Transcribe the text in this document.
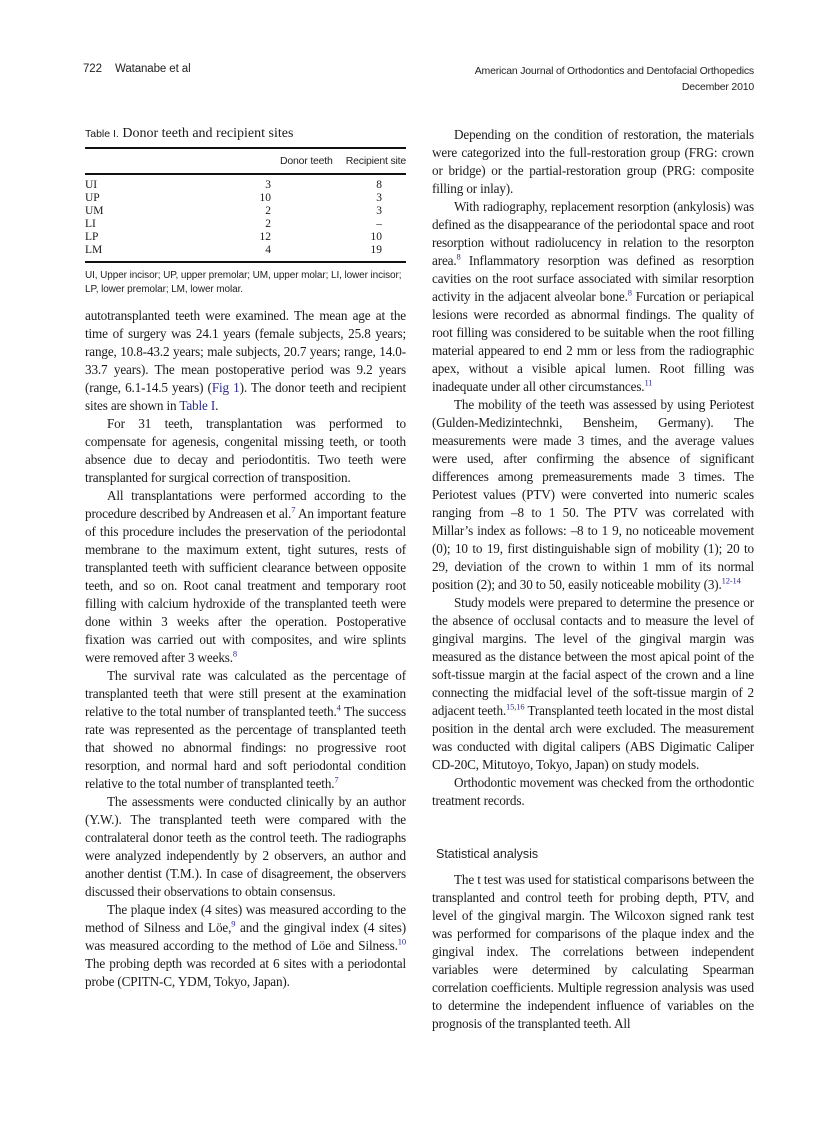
722 Watanabe et al	American Journal of Orthodontics and Dentofacial Orthopedics
December 2010
Table I. Donor teeth and recipient sites
	Donor teeth	Recipient site
UI	3	8
UP	10	3
UM	2	3
LI	2	–
LP	12	10
LM	4	19
UI, Upper incisor; UP, upper premolar; UM, upper molar; LI, lower incisor; LP, lower premolar; LM, lower molar.

autotransplanted teeth were examined. The mean age at the time of surgery was 24.1 years (female subjects, 25.8 years; range, 10.8-43.2 years; male subjects, 20.7 years; range, 14.0-33.7 years). The mean postoperative period was 9.2 years (range, 6.1-14.5 years) (Fig 1). The donor teeth and recipient sites are shown in Table I.

For 31 teeth, transplantation was performed to compensate for agenesis, congenital missing teeth, or tooth absence due to decay and periodontitis. Two teeth were transplanted for surgical correction of transposition.

All transplantations were performed according to the procedure described by Andreasen et al.$^7$ An important feature of this procedure includes the preservation of the periodontal membrane to the maximum extent, tight sutures, rests of transplanted teeth with sufficient clearance between opposite teeth, and so on. Root canal treatment and temporary root filling with calcium hydroxide of the transplanted teeth were done within 3 weeks after the operation. Postoperative fixation was carried out with composites, and wire splints were removed after 3 weeks.$^8$

The survival rate was calculated as the percentage of transplanted teeth that were still present at the examination relative to the total number of transplanted teeth.$^4$ The success rate was represented as the percentage of transplanted teeth that showed no abnormal findings: no progressive root resorption, and normal hard and soft periodontal condition relative to the total number of transplanted teeth.$^7$

The assessments were conducted clinically by an author (Y.W.). The transplanted teeth were compared with the contralateral donor teeth as the control teeth. The radiographs were analyzed independently by 2 observers, an author and another dentist (T.M.). In case of disagreement, the observers discussed their observations to obtain consensus.

The plaque index (4 sites) was measured according to the method of Silness and Löe,$^9$ and the gingival index (4 sites) was measured according to the method of Löe and Silness.$^{10}$ The probing depth was recorded at 6 sites with a periodontal probe (CPITN-C, YDM, Tokyo, Japan).

Depending on the condition of restoration, the materials were categorized into the full-restoration group (FRG: crown or bridge) or the partial-restoration group (PRG: composite filling or inlay).

With radiography, replacement resorption (ankylosis) was defined as the disappearance of the periodontal space and root resorption without radiolucency in relation to the resorpton area.$^8$ Inflammatory resorption was defined as resorption cavities on the root surface associated with similar resorption activity in the adjacent alveolar bone.$^8$ Furcation or periapical lesions were recorded as abnormal findings. The quality of root filling was considered to be suitable when the root filling material appeared to end 2 mm or less from the radiographic apex, without a visible apical lumen. Root filling was inadequate under all other circumstances.$^{11}$

The mobility of the teeth was assessed by using Periotest (Gulden-Medizintechnki, Bensheim, Germany). The measurements were made 3 times, and the average values were used, after confirming the absence of significant differences among premeasurements made 3 times. The Periotest values (PTV) were converted into numeric scales ranging from –8 to 1 50. The PTV was correlated with Millar’s index as follows: –8 to 1 9, no noticeable movement (0); 10 to 19, first distinguishable sign of mobility (1); 20 to 29, deviation of the crown to within 1 mm of its normal position (2); and 30 to 50, easily noticeable mobility (3).$^{12-14}$

Study models were prepared to determine the presence or the absence of occlusal contacts and to measure the level of gingival margins. The level of the gingival margin was measured as the distance between the most apical point of the soft-tissue margin at the facial aspect of the crown and a line connecting the midfacial level of the soft-tissue margin of 2 adjacent teeth.$^{15,16}$ Transplanted teeth located in the most distal position in the dental arch were excluded. The measurement was conducted with digital calipers (ABS Digimatic Caliper CD-20C, Mitutoyo, Tokyo, Japan) on study models.

Orthodontic movement was checked from the orthodontic treatment records.

Statistical analysis

The t test was used for statistical comparisons between the transplanted and control teeth for probing depth, PTV, and level of the gingival margin. The Wilcoxon signed rank test was performed for comparisons of the plaque index and the gingival index. The correlations between independent variables were determined by calculating Spearman correlation coefficients. Multiple regression analysis was used to determine the independent influence of variables on the prognosis of the transplanted teeth. All
